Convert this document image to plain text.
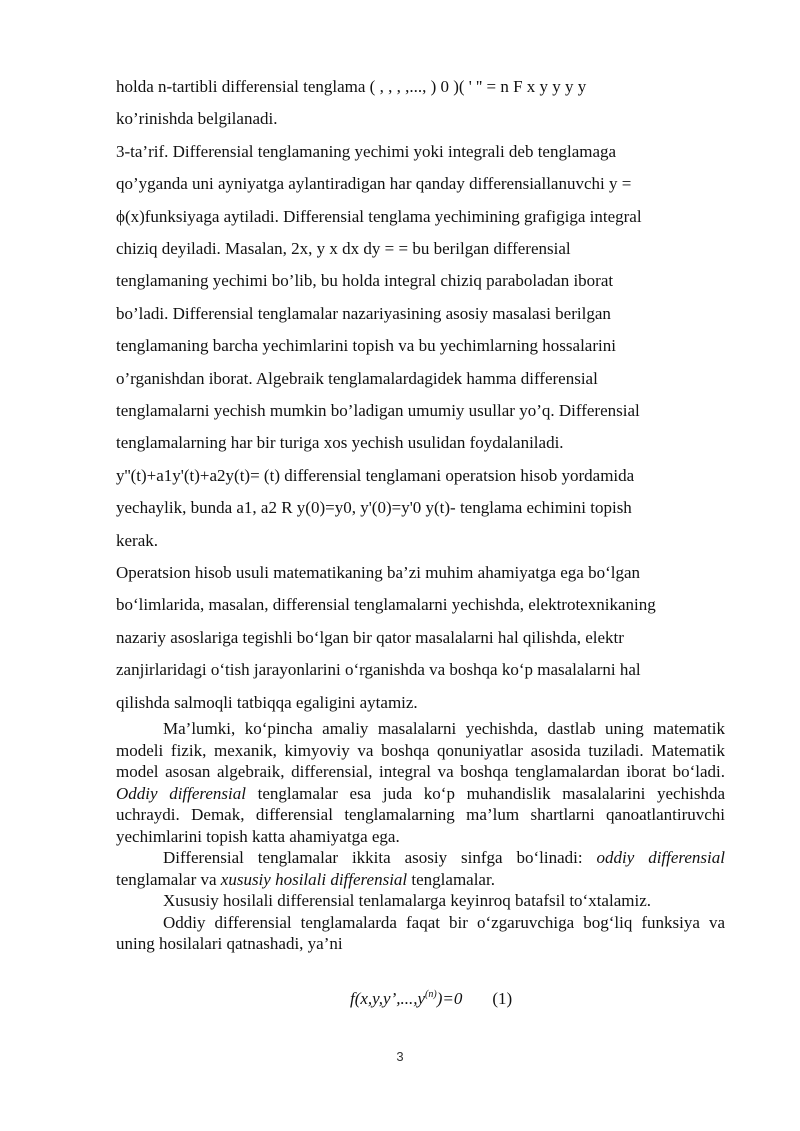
holda n-tartibli differensial tenglama ( , , , ,..., ) 0 )( ' '' = n F x y y y y
ko’rinishda belgilanadi.
3-ta’rif. Differensial tenglamaning yechimi yoki integrali deb tenglamaga
qo’yganda uni ayniyatga aylantiradigan har qanday differensiallanuvchi y =
ϕ(x)funksiyaga aytiladi. Differensial tenglama yechimining grafigiga integral
chiziq deyiladi. Masalan, 2x, y x dx dy = = bu berilgan differensial
tenglamaning yechimi bo’lib, bu holda integral chiziq paraboladan iborat
bo’ladi. Differensial tenglamalar nazariyasining asosiy masalasi berilgan
tenglamaning barcha yechimlarini topish va bu yechimlarning hossalarini
o’rganishdan iborat. Algebraik tenglamalardagidek hamma differensial
tenglamalarni yechish mumkin bo’ladigan umumiy usullar yo’q. Differensial
tenglamalarning har bir turiga xos yechish usulidan foydalaniladi.
y''(t)+a1y'(t)+a2y(t)= (t) differensial tenglamani operatsion hisob yordamida
yechaylik, bunda a1, a2 R y(0)=y0, y'(0)=y'0 y(t)- tenglama echimini topish
kerak.
Operatsion hisob usuli matematikaning ba’zi muhim ahamiyatga ega bo‘lgan
bo‘limlarida, masalan, differensial tenglamalarni yechishda, elektrotexnikaning
nazariy asoslariga tegishli bo‘lgan bir qator masalalarni hal qilishda, elektr
zanjirlaridagi o‘tish jarayonlarini o‘rganishda va boshqa ko‘p masalalarni hal
qilishda salmoqli tatbiqqa egaligini aytamiz.

Ma’lumki, ko‘pincha amaliy masalalarni yechishda, dastlab uning matematik modeli fizik, mexanik, kimyoviy va boshqa qonuniyatlar asosida tuziladi. Matematik model asosan algebraik, differensial, integral va boshqa tenglamalardan iborat bo‘ladi. Oddiy differensial tenglamalar esa juda ko‘p muhandislik masalalarini yechishda uchraydi. Demak, differensial tenglamalarning ma’lum shartlarni qanoatlantiruvchi yechimlarini topish katta ahamiyatga ega.

Differensial tenglamalar ikkita asosiy sinfga bo‘linadi: oddiy differensial tenglamalar va xususiy hosilali differensial tenglamalar.

Xususiy hosilali differensial tenlamalarga keyinroq batafsil to‘xtalamiz.

Oddiy differensial tenglamalarda faqat bir o‘zgaruvchiga bog‘liq funksiya va uning hosilalari qatnashadi, ya’ni

$f(x,y,y’,...,y^{(n)})=0$ (1)
3
